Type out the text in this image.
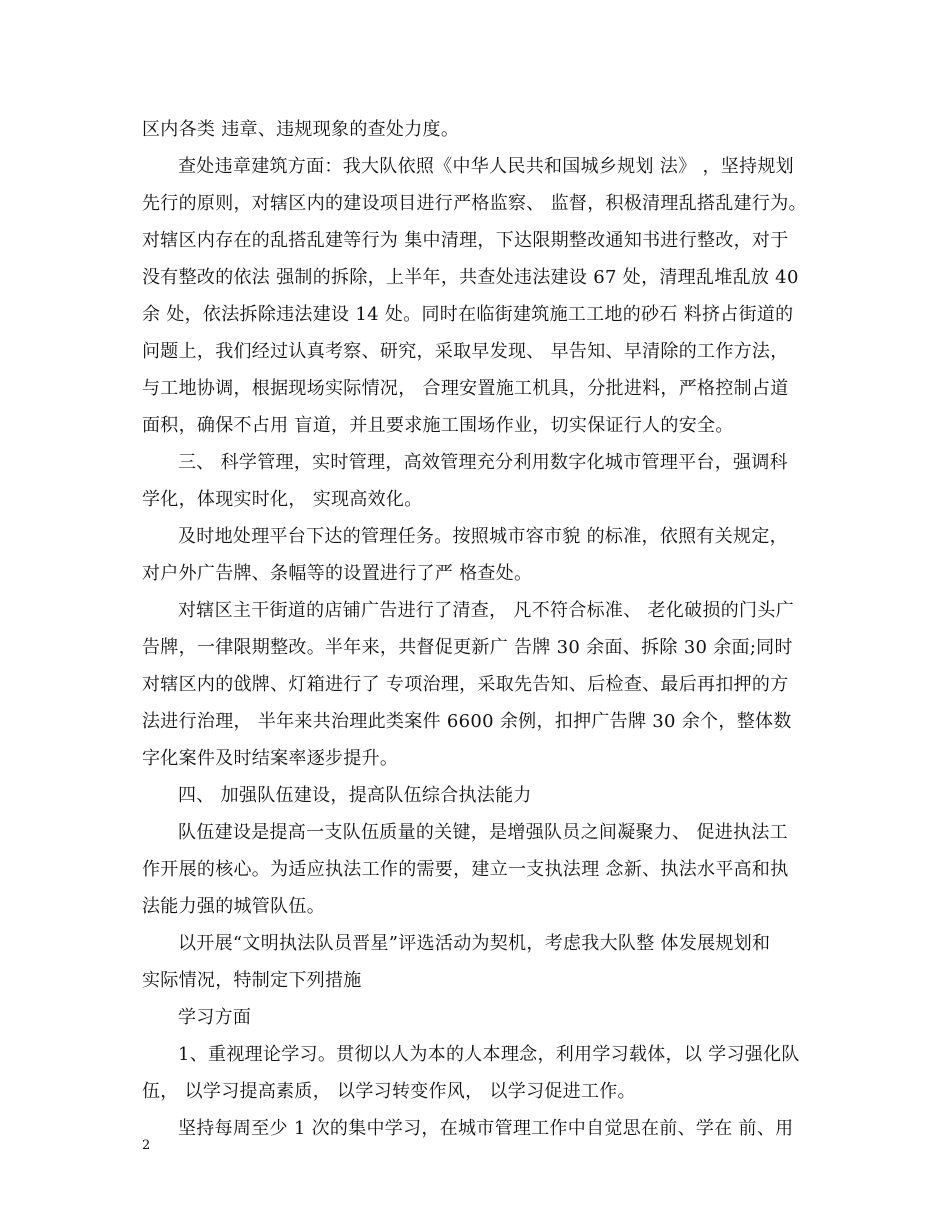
区内各类 违章、违规现象的查处力度。
查处违章建筑方面：我大队依照《中华人民共和国城乡规划 法》 ，坚持规划
先行的原则，对辖区内的建设项目进行严格监察、 监督，积极清理乱搭乱建行为。
对辖区内存在的乱搭乱建等行为 集中清理，下达限期整改通知书进行整改，对于
没有整改的依法 强制的拆除，上半年，共查处违法建设 67 处，清理乱堆乱放 40
余 处，依法拆除违法建设 14 处。同时在临街建筑施工工地的砂石 料挤占街道的
问题上，我们经过认真考察、研究，采取早发现、 早告知、早清除的工作方法，
与工地协调，根据现场实际情况， 合理安置施工机具，分批进料，严格控制占道
面积，确保不占用 盲道，并且要求施工围场作业，切实保证行人的安全。
三、 科学管理，实时管理，高效管理充分利用数字化城市管理平台，强调科
学化，体现实时化， 实现高效化。
及时地处理平台下达的管理任务。按照城市容市貌 的标准，依照有关规定，
对户外广告牌、条幅等的设置进行了严 格查处。
对辖区主干街道的店铺广告进行了清查， 凡不符合标准、 老化破损的门头广
告牌，一律限期整改。半年来，共督促更新广 告牌 30 余面、拆除 30 余面;同时
对辖区内的戗牌、灯箱进行了 专项治理，采取先告知、后检查、最后再扣押的方
法进行治理， 半年来共治理此类案件 6600 余例，扣押广告牌 30 余个，整体数
字化案件及时结案率逐步提升。
四、 加强队伍建设，提高队伍综合执法能力
队伍建设是提高一支队伍质量的关键，是增强队员之间凝聚力、 促进执法工
作开展的核心。为适应执法工作的需要，建立一支执法理 念新、执法水平高和执
法能力强的城管队伍。
以开展“文明执法队员晋星”评选活动为契机，考虑我大队整 体发展规划和
实际情况，特制定下列措施
学习方面
1、重视理论学习。贯彻以人为本的人本理念，利用学习载体，以 学习强化队
伍， 以学习提高素质， 以学习转变作风， 以学习促进工作。
坚持每周至少 1 次的集中学习，在城市管理工作中自觉思在前、学在 前、用
2
